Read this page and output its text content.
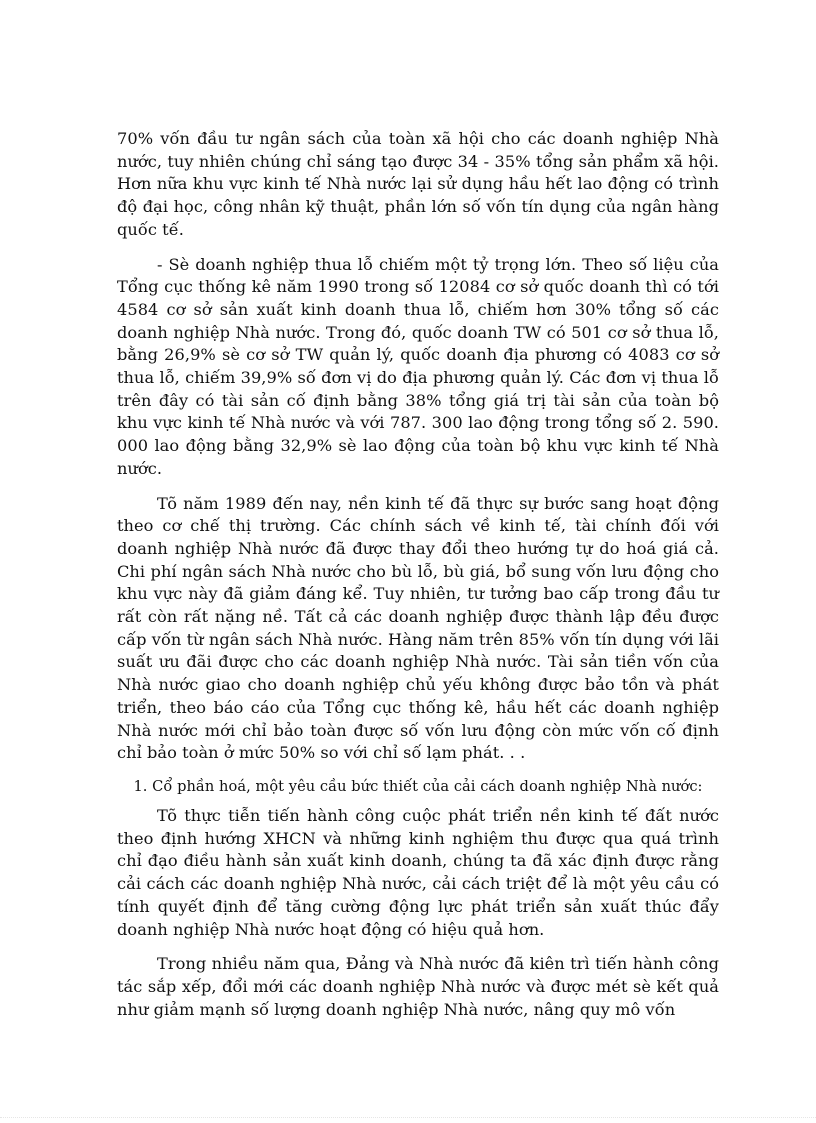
70% vốn đầu tư ngân sách của toàn xã hội cho các doanh nghiệp Nhà nước, tuy nhiên chúng chỉ sáng tạo được 34 - 35% tổng sản phẩm xã hội. Hơn nữa khu vực kinh tế Nhà nước lại sử dụng hầu hết lao động có trình độ đại học, công nhân kỹ thuật, phần lớn số vốn tín dụng của ngân hàng quốc tế.

- Sè doanh nghiệp thua lỗ chiếm một tỷ trọng lớn. Theo số liệu của Tổng cục thống kê năm 1990 trong số 12084 cơ sở quốc doanh thì có tới 4584 cơ sở sản xuất kinh doanh thua lỗ, chiếm hơn 30% tổng số các doanh nghiệp Nhà nước. Trong đó, quốc doanh TW có 501 cơ sở thua lỗ, bằng 26,9% sè cơ sở TW quản lý, quốc doanh địa phương có 4083 cơ sở thua lỗ, chiếm 39,9% số đơn vị do địa phương quản lý. Các đơn vị thua lỗ trên đây có tài sản cố định bằng 38% tổng giá trị tài sản của toàn bộ khu vực kinh tế Nhà nước và với 787. 300 lao động trong tổng số 2. 590. 000 lao động bằng 32,9% sè lao động của toàn bộ khu vực kinh tế Nhà nước.

Tõ năm 1989 đến nay, nền kinh tế đã thực sự bước sang hoạt động theo cơ chế thị trường. Các chính sách về kinh tế, tài chính đối với doanh nghiệp Nhà nước đã được thay đổi theo hướng tự do hoá giá cả. Chi phí ngân sách Nhà nước cho bù lỗ, bù giá, bổ sung vốn lưu động cho khu vực này đã giảm đáng kể. Tuy nhiên, tư tưởng bao cấp trong đầu tư rất còn rất nặng nề. Tất cả các doanh nghiệp được thành lập đều được cấp vốn từ ngân sách Nhà nước. Hàng năm trên 85% vốn tín dụng với lãi suất ưu đãi được cho các doanh nghiệp Nhà nước. Tài sản tiền vốn của Nhà nước giao cho doanh nghiệp chủ yếu không được bảo tồn và phát triển, theo báo cáo của Tổng cục thống kê, hầu hết các doanh nghiệp Nhà nước mới chỉ bảo toàn được số vốn lưu động còn mức vốn cố định chỉ bảo toàn ở mức 50% so với chỉ số lạm phát. . .

1. Cổ phần hoá, một yêu cầu bức thiết của cải cách doanh nghiệp Nhà nước:

Tõ thực tiễn tiến hành công cuộc phát triển nền kinh tế đất nước theo định hướng XHCN và những kinh nghiệm thu được qua quá trình chỉ đạo điều hành sản xuất kinh doanh, chúng ta đã xác định được rằng cải cách các doanh nghiệp Nhà nước, cải cách triệt để là một yêu cầu có tính quyết định để tăng cường động lực phát triển sản xuất thúc đẩy doanh nghiệp Nhà nước hoạt động có hiệu quả hơn.

Trong nhiều năm qua, Đảng và Nhà nước đã kiên trì tiến hành công tác sắp xếp, đổi mới các doanh nghiệp Nhà nước và được mét sè kết quả như giảm mạnh số lượng doanh nghiệp Nhà nước, nâng quy mô vốn
